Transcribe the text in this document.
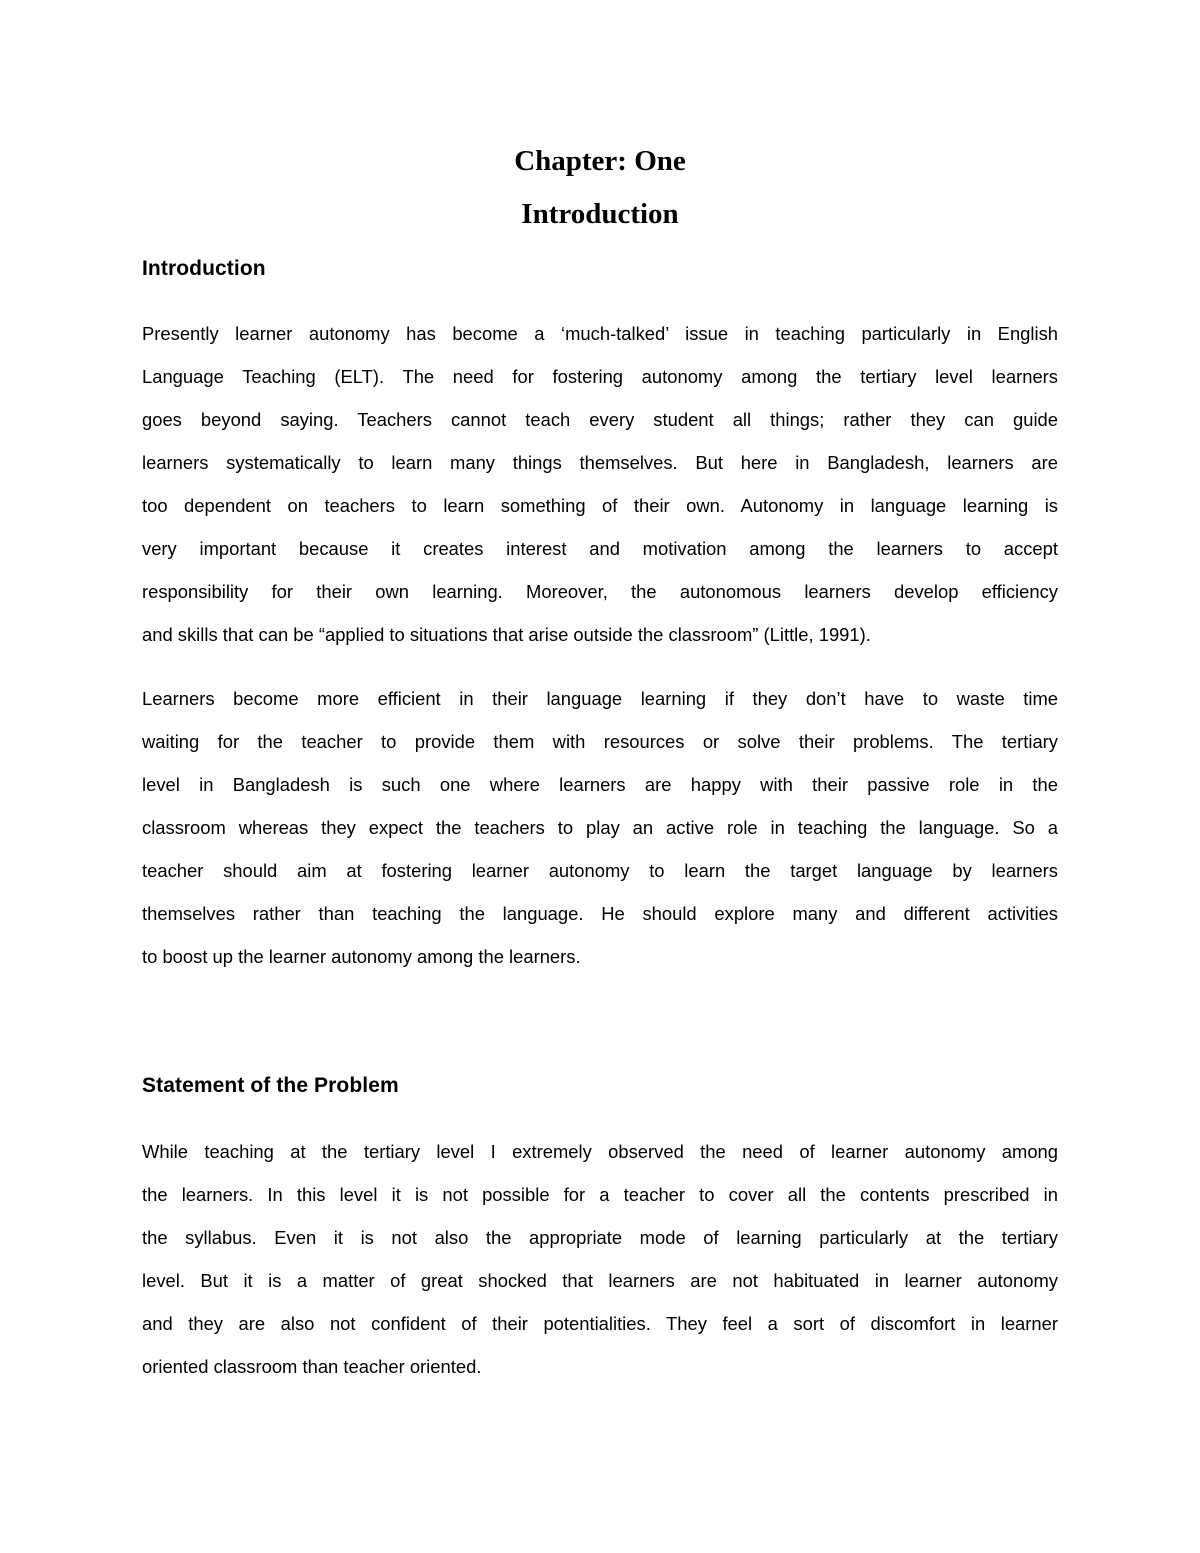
Chapter: One
Introduction
Introduction
Presently learner autonomy has become a ‘much-talked’ issue in teaching particularly in English
Language Teaching (ELT). The need for fostering autonomy among the tertiary level learners
goes beyond saying. Teachers cannot teach every student all things; rather they can guide
learners systematically to learn many things themselves. But here in Bangladesh, learners are
too dependent on teachers to learn something of their own. Autonomy in language learning is
very important because it creates interest and motivation among the learners to accept
responsibility for their own learning. Moreover, the autonomous learners develop efficiency
and skills that can be “applied to situations that arise outside the classroom” (Little, 1991).
Learners become more efficient in their language learning if they don’t have to waste time
waiting for the teacher to provide them with resources or solve their problems. The tertiary
level in Bangladesh is such one where learners are happy with their passive role in the
classroom whereas they expect the teachers to play an active role in teaching the language. So a
teacher should aim at fostering learner autonomy to learn the target language by learners
themselves rather than teaching the language. He should explore many and different activities
to boost up the learner autonomy among the learners.
Statement of the Problem
While teaching at the tertiary level I extremely observed the need of learner autonomy among
the learners. In this level it is not possible for a teacher to cover all the contents prescribed in
the syllabus. Even it is not also the appropriate mode of learning particularly at the tertiary
level. But it is a matter of great shocked that learners are not habituated in learner autonomy
and they are also not confident of their potentialities. They feel a sort of discomfort in learner
oriented classroom than teacher oriented.
